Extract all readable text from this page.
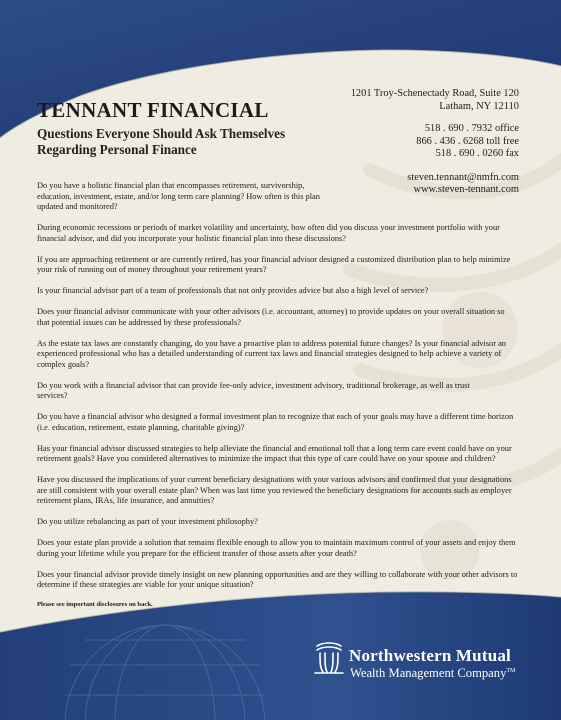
TENNANT FINANCIAL
Questions Everyone Should Ask Themselves Regarding Personal Finance
1201 Troy-Schenectady Road, Suite 120
Latham, NY 12110
518 . 690 . 7932 office
866 . 436 . 6268 toll free
518 . 690 . 0260 fax
steven.tennant@nmfn.com
www.steven-tennant.com

Do you have a holistic financial plan that encompasses retirement, survivorship, education, investment, estate, and/or long term care planning? How often is this plan updated and monitored?

During economic recessions or periods of market volatility and uncertainty, how often did you discuss your investment portfolio with your financial advisor, and did you incorporate your holistic financial plan into these discussions?

If you are approaching retirement or are currently retired, has your financial advisor designed a customized distribution plan to help minimize your risk of running out of money throughout your retirement years?

Is your financial advisor part of a team of professionals that not only provides advice but also a high level of service?

Does your financial advisor communicate with your other advisors (i.e. accountant, attorney) to provide updates on your overall situation so that potential issues can be addressed by these professionals?

As the estate tax laws are constantly changing, do you have a proactive plan to address potential future changes? Is your financial advisor an experienced professional who has a detailed understanding of current tax laws and financial strategies designed to help achieve a variety of complex goals?

Do you work with a financial advisor that can provide fee-only advice, investment advisory, traditional brokerage, as well as trust services?

Do you have a financial advisor who designed a formal investment plan to recognize that each of your goals may have a different time horizon (i.e. education, retirement, estate planning, charitable giving)?

Has your financial advisor discussed strategies to help alleviate the financial and emotional toll that a long term care event could have on your retirement goals? Have you considered alternatives to minimize the impact that this type of care could have on your spouse and children?

Have you discussed the implications of your current beneficiary designations with your various advisors and confirmed that your designations are still consistent with your overall estate plan? When was last time you reviewed the beneficiary designations for accounts such as employer retirement plans, IRAs, life insurance, and annuities?

Do you utilize rebalancing as part of your investment philosophy?

Does your estate plan provide a solution that remains flexible enough to allow you to maintain maximum control of your assets and enjoy them during your lifetime while you prepare for the efficient transfer of those assets after your death?

Does your financial advisor provide timely insight on new planning opportunities and are they willing to collaborate with your other advisors to determine if these strategies are viable for your unique situation?

Please see important disclosures on back.

Northwestern Mutual
Wealth Management Company™
